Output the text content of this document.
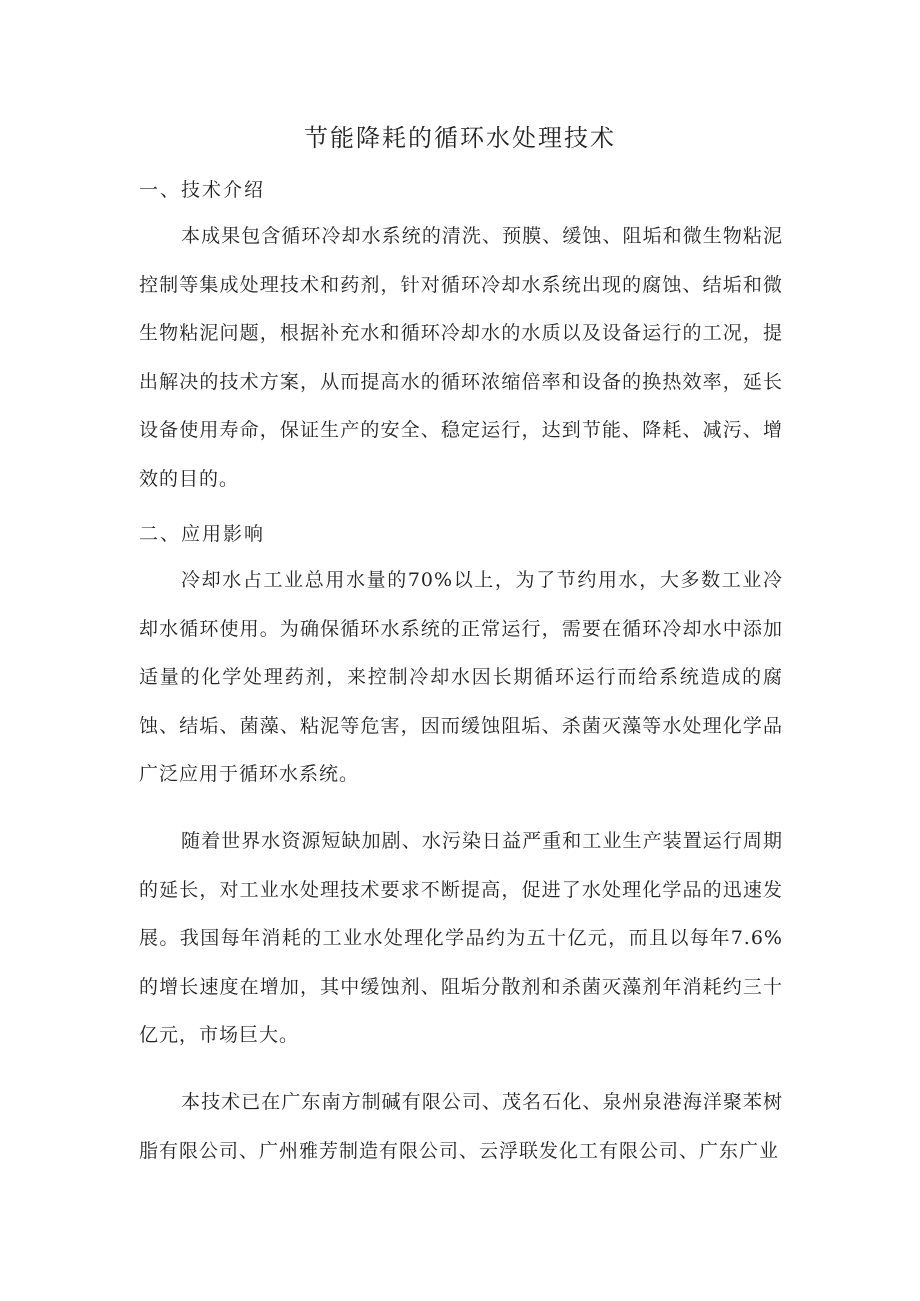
节能降耗的循环水处理技术
一、技术介绍

本成果包含循环冷却水系统的清洗、预膜、缓蚀、阻垢和微生物粘泥控制等集成处理技术和药剂，针对循环冷却水系统出现的腐蚀、结垢和微生物粘泥问题，根据补充水和循环冷却水的水质以及设备运行的工况，提出解决的技术方案，从而提高水的循环浓缩倍率和设备的换热效率，延长设备使用寿命，保证生产的安全、稳定运行，达到节能、降耗、减污、增效的目的。

二、应用影响

冷却水占工业总用水量的70%以上，为了节约用水，大多数工业冷却水循环使用。为确保循环水系统的正常运行，需要在循环冷却水中添加适量的化学处理药剂，来控制冷却水因长期循环运行而给系统造成的腐蚀、结垢、菌藻、粘泥等危害，因而缓蚀阻垢、杀菌灭藻等水处理化学品广泛应用于循环水系统。

随着世界水资源短缺加剧、水污染日益严重和工业生产装置运行周期的延长，对工业水处理技术要求不断提高，促进了水处理化学品的迅速发展。我国每年消耗的工业水处理化学品约为五十亿元，而且以每年7.6%的增长速度在增加，其中缓蚀剂、阻垢分散剂和杀菌灭藻剂年消耗约三十亿元，市场巨大。

本技术已在广东南方制碱有限公司、茂名石化、泉州泉港海洋聚苯树脂有限公司、广州雅芳制造有限公司、云浮联发化工有限公司、广东广业
